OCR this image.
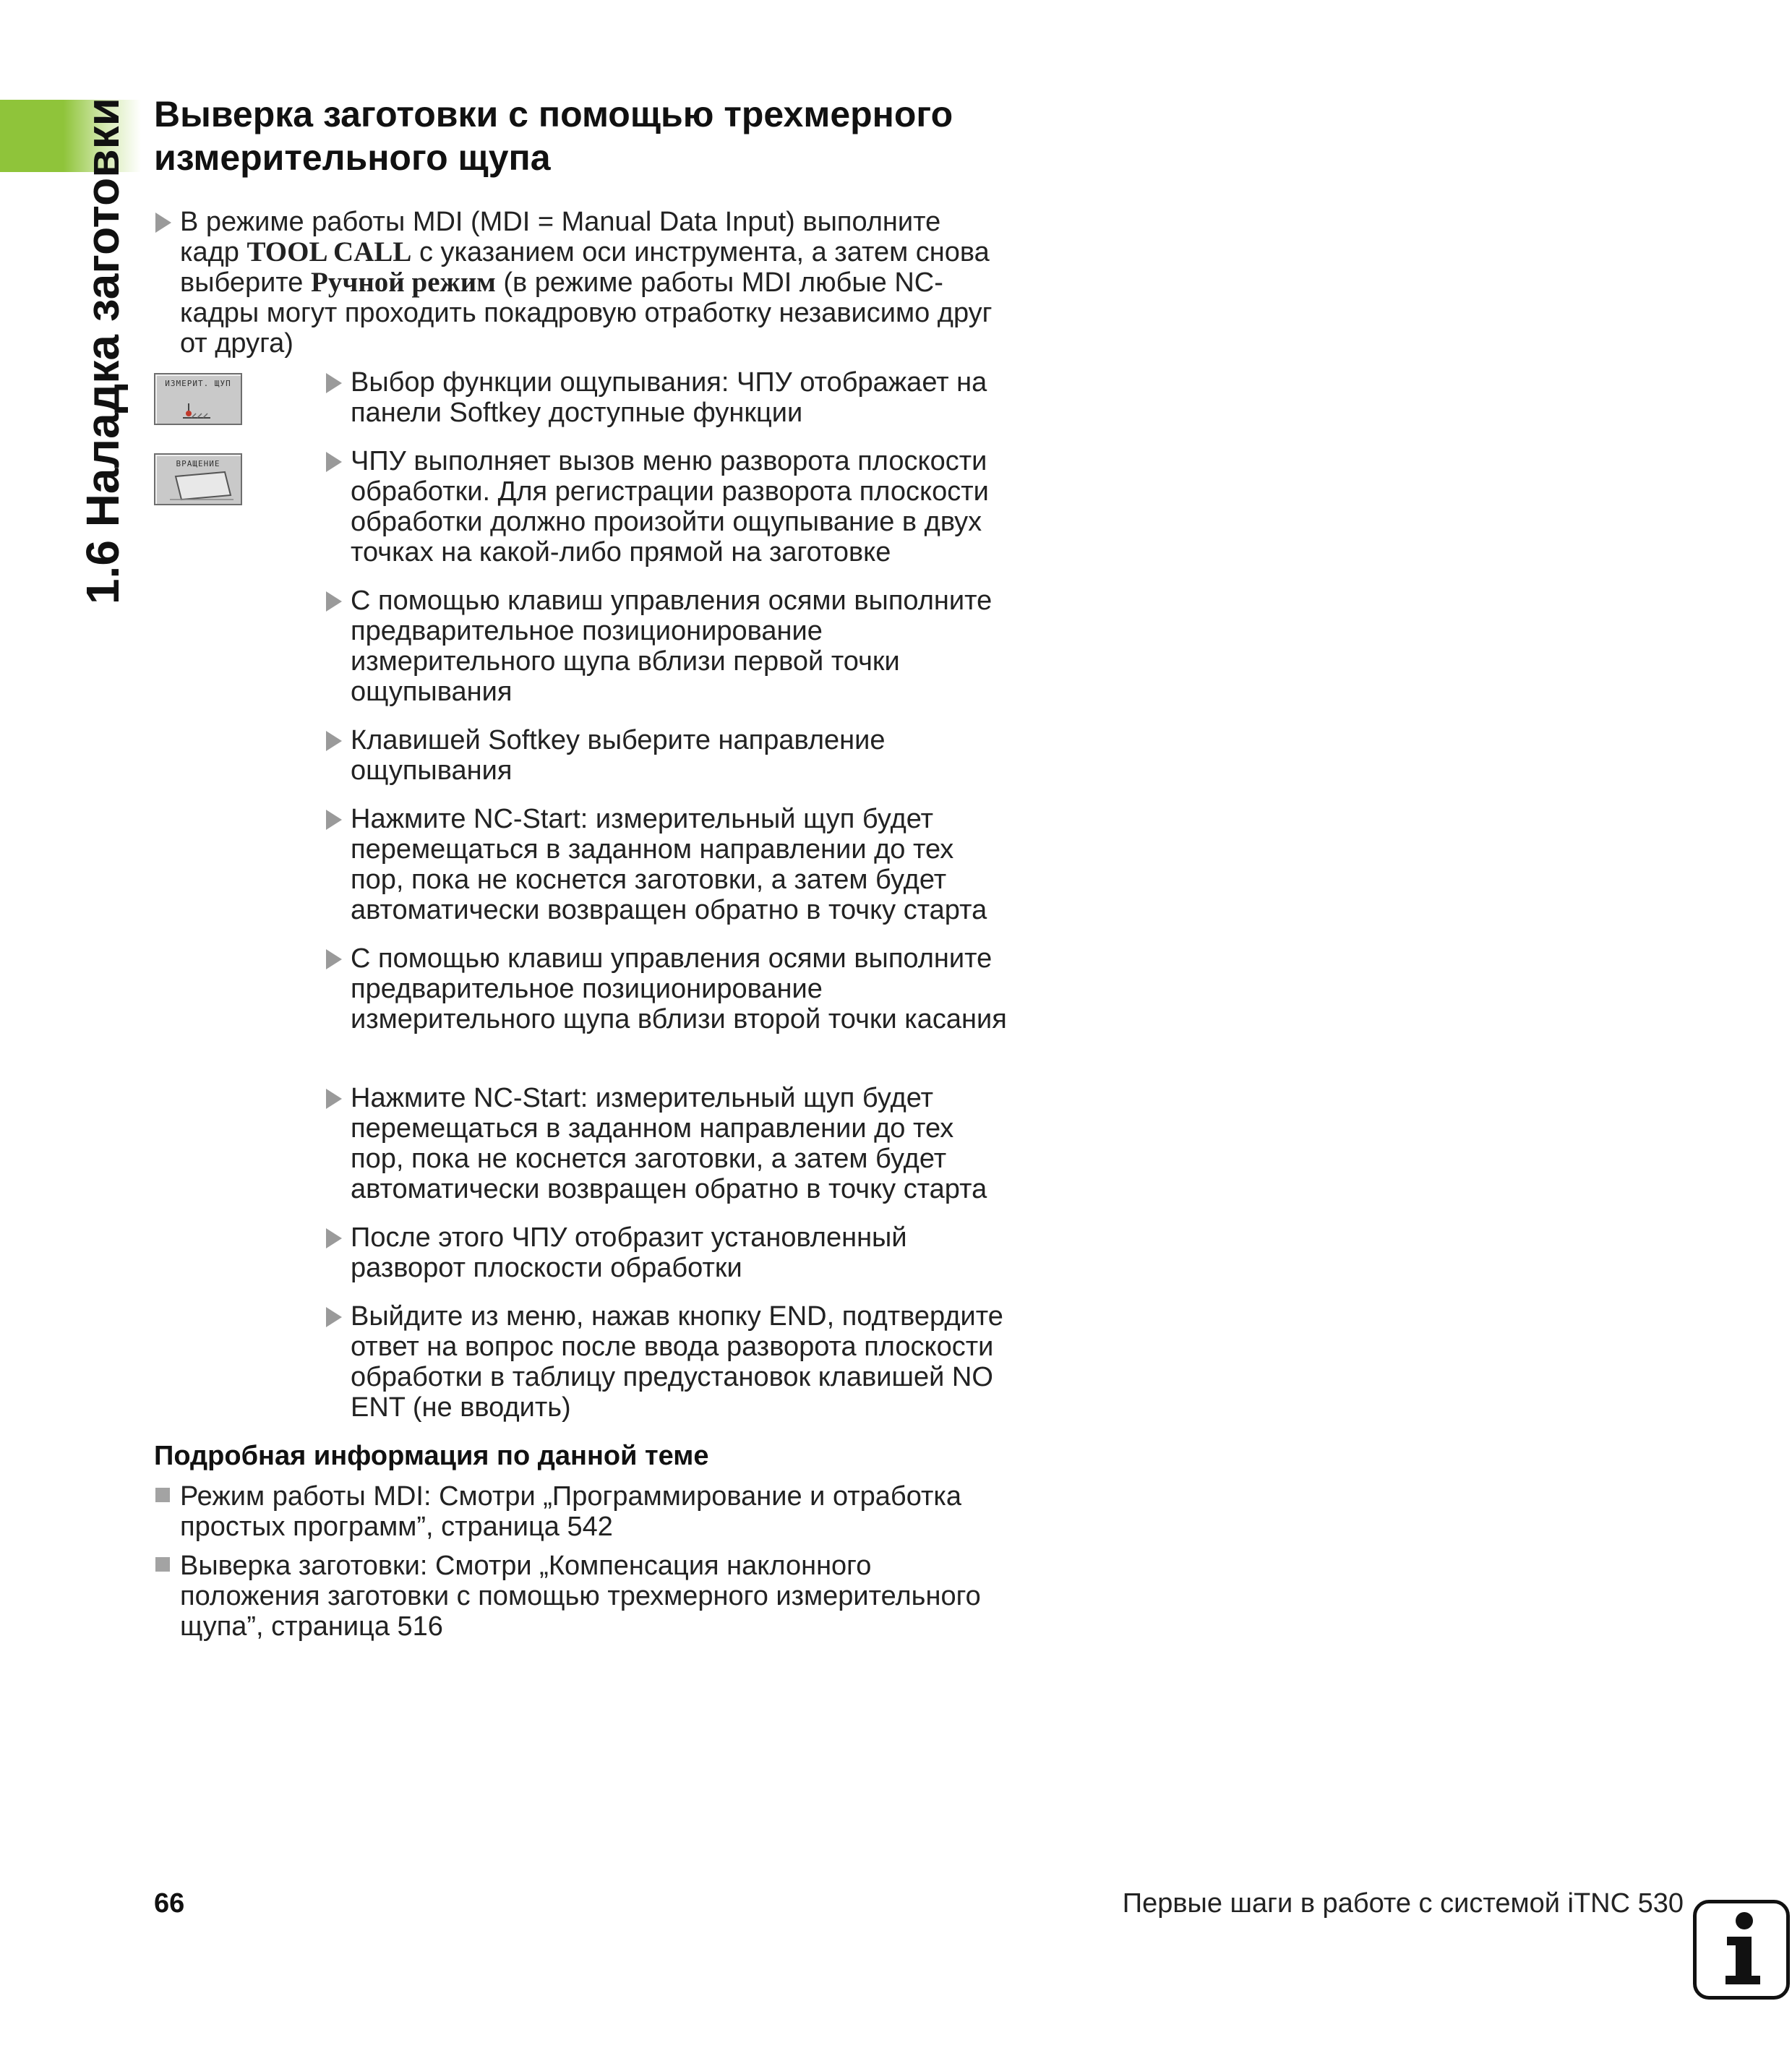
1.6 Наладка заготовки Выверка заготовки с помощью трехмерного измерительного щупа
В режиме работы MDI (MDI = Manual Data Input) выполните кадр TOOL CALL с указанием оси инструмента, а затем снова выберите Ручной режим (в режиме работы MDI любые NC-кадры могут проходить покадровую отработку независимо друг от друга)
ИЗМЕРИТ. ЩУП
ВРАЩЕНИЕ
Выбор функции ощупывания: ЧПУ отображает на панели Softkey доступные функции
ЧПУ выполняет вызов меню разворота плоскости обработки. Для регистрации разворота плоскости обработки должно произойти ощупывание в двух точках на какой-либо прямой на заготовке
С помощью клавиш управления осями выполните предварительное позиционирование измерительного щупа вблизи первой точки ощупывания
Клавишей Softkey выберите направление ощупывания
Нажмите NC-Start: измерительный щуп будет перемещаться в заданном направлении до тех пор, пока не коснется заготовки, а затем будет автоматически возвращен обратно в точку старта
С помощью клавиш управления осями выполните предварительное позиционирование измерительного щупа вблизи второй точки касания
Нажмите NC-Start: измерительный щуп будет перемещаться в заданном направлении до тех пор, пока не коснется заготовки, а затем будет автоматически возвращен обратно в точку старта
После этого ЧПУ отобразит установленный разворот плоскости обработки
Выйдите из меню, нажав кнопку END, подтвердите ответ на вопрос после ввода разворота плоскости обработки в таблицу предустановок клавишей NO ENT (не вводить)
Подробная информация по данной теме
Режим работы MDI: Смотри „Программирование и отработка простых программ”, страница 542
Выверка заготовки: Смотри „Компенсация наклонного положения заготовки с помощью трехмерного измерительного щупа”, страница 516
66	Первые шаги в работе с системой iTNC 530
